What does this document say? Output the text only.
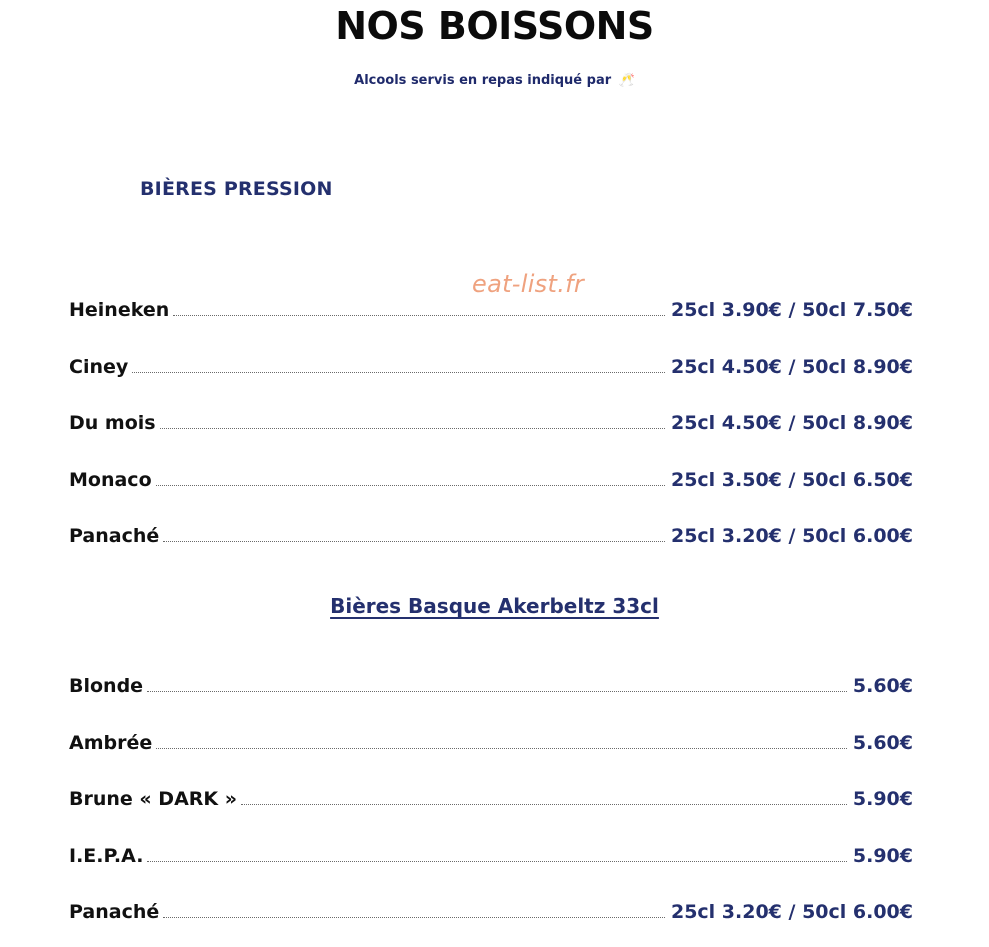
NOS BOISSONS
Alcools servis en repas indiqué par 🥂
BIÈRES PRESSION
eat-list.fr
Heineken	25cl 3.90€ / 50cl 7.50€
Ciney	25cl 4.50€ / 50cl 8.90€
Du mois	25cl 4.50€ / 50cl 8.90€
Monaco	25cl 3.50€ / 50cl 6.50€
Panaché	25cl 3.20€ / 50cl 6.00€
Bières Basque Akerbeltz 33cl
Blonde	5.60€
Ambrée	5.60€
Brune « DARK »	5.90€
I.E.P.A.	5.90€
Panaché	25cl 3.20€ / 50cl 6.00€
